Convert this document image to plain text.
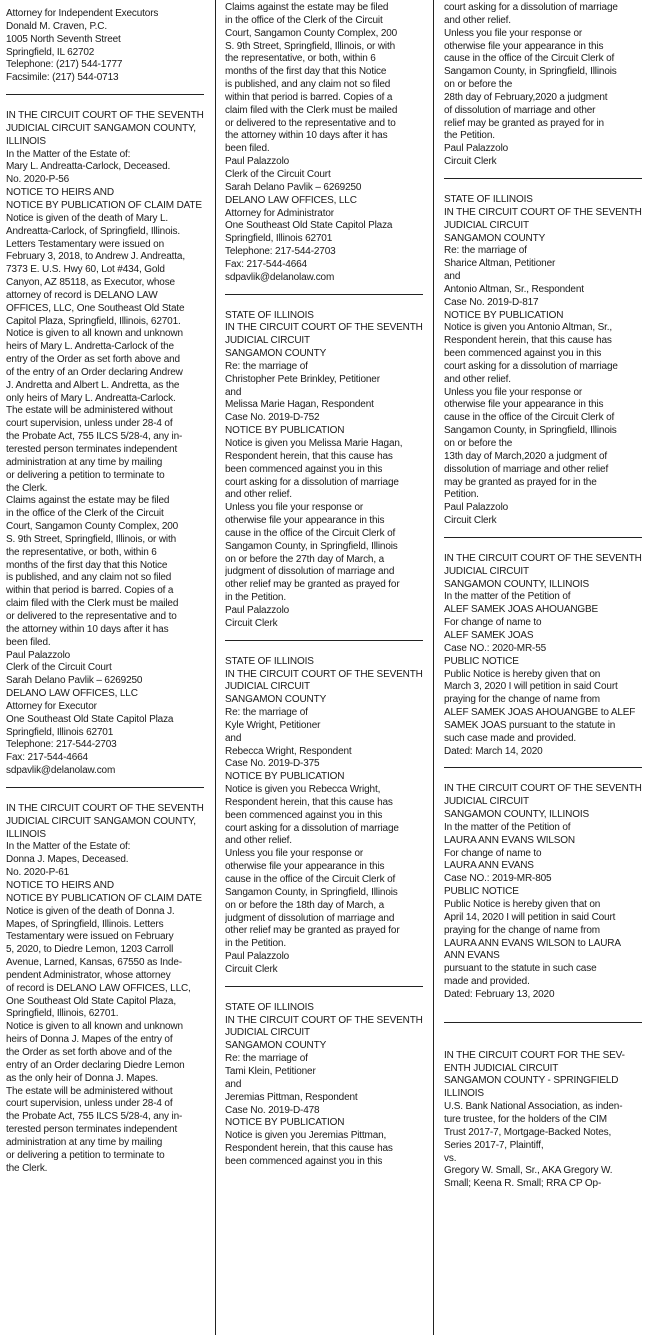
Attorney for Independent Executors
Donald M. Craven, P.C.
1005 North Seventh Street
Springfield, IL 62702
Telephone: (217) 544-1777
Facsimile: (217) 544-0713
IN THE CIRCUIT COURT OF THE SEVENTH
JUDICIAL CIRCUIT SANGAMON COUNTY,
ILLINOIS
In the Matter of the Estate of:
Mary L. Andreatta-Carlock, Deceased.
No. 2020-P-56
NOTICE TO HEIRS AND
NOTICE BY PUBLICATION OF CLAIM DATE
Notice is given of the death of Mary L.
Andreatta-Carlock, of Springfield, Illinois.
Letters Testamentary were issued on
February 3, 2018, to Andrew J. Andreatta,
7373 E. U.S. Hwy 60, Lot #434, Gold
Canyon, AZ 85118, as Executor, whose
attorney of record is DELANO LAW
OFFICES, LLC, One Southeast Old State
Capitol Plaza, Springfield, Illinois, 62701.
Notice is given to all known and unknown
heirs of Mary L. Andretta-Carlock of the
entry of the Order as set forth above and
of the entry of an Order declaring Andrew
J. Andretta and Albert L. Andretta, as the
only heirs of Mary L. Andreatta-Carlock.
The estate will be administered without
court supervision, unless under 28-4 of
the Probate Act, 755 ILCS 5/28-4, any in-
terested person terminates independent
administration at any time by mailing
or delivering a petition to terminate to
the Clerk.
Claims against the estate may be filed
in the office of the Clerk of the Circuit
Court, Sangamon County Complex, 200
S. 9th Street, Springfield, Illinois, or with
the representative, or both, within 6
months of the first day that this Notice
is published, and any claim not so filed
within that period is barred. Copies of a
claim filed with the Clerk must be mailed
or delivered to the representative and to
the attorney within 10 days after it has
been filed.
Paul Palazzolo
Clerk of the Circuit Court
Sarah Delano Pavlik – 6269250
DELANO LAW OFFICES, LLC
Attorney for Executor
One Southeast Old State Capitol Plaza
Springfield, Illinois 62701
Telephone: 217-544-2703
Fax: 217-544-4664
sdpavlik@delanolaw.com
IN THE CIRCUIT COURT OF THE SEVENTH
JUDICIAL CIRCUIT SANGAMON COUNTY,
ILLINOIS
In the Matter of the Estate of:
Donna J. Mapes, Deceased.
No. 2020-P-61
NOTICE TO HEIRS AND
NOTICE BY PUBLICATION OF CLAIM DATE
Notice is given of the death of Donna J.
Mapes, of Springfield, Illinois. Letters
Testamentary were issued on February
5, 2020, to Diedre Lemon, 1203 Carroll
Avenue, Larned, Kansas, 67550 as Inde-
pendent Administrator, whose attorney
of record is DELANO LAW OFFICES, LLC,
One Southeast Old State Capitol Plaza,
Springfield, Illinois, 62701.
Notice is given to all known and unknown
heirs of Donna J. Mapes of the entry of
the Order as set forth above and of the
entry of an Order declaring Diedre Lemon
as the only heir of Donna J. Mapes.
The estate will be administered without
court supervision, unless under 28-4 of
the Probate Act, 755 ILCS 5/28-4, any in-
terested person terminates independent
administration at any time by mailing
or delivering a petition to terminate to
the Clerk.
Claims against the estate may be filed
in the office of the Clerk of the Circuit
Court, Sangamon County Complex, 200
S. 9th Street, Springfield, Illinois, or with
the representative, or both, within 6
months of the first day that this Notice
is published, and any claim not so filed
within that period is barred. Copies of a
claim filed with the Clerk must be mailed
or delivered to the representative and to
the attorney within 10 days after it has
been filed.
Paul Palazzolo
Clerk of the Circuit Court
Sarah Delano Pavlik – 6269250
DELANO LAW OFFICES, LLC
Attorney for Administrator
One Southeast Old State Capitol Plaza
Springfield, Illinois 62701
Telephone: 217-544-2703
Fax: 217-544-4664
sdpavlik@delanolaw.com
STATE OF ILLINOIS
IN THE CIRCUIT COURT OF THE SEVENTH
JUDICIAL CIRCUIT
SANGAMON COUNTY
Re: the marriage of
Christopher Pete Brinkley, Petitioner
and
Melissa Marie Hagan, Respondent
Case No. 2019-D-752
NOTICE BY PUBLICATION
Notice is given you Melissa Marie Hagan,
Respondent herein, that this cause has
been commenced against you in this
court asking for a dissolution of marriage
and other relief.
Unless you file your response or
otherwise file your appearance in this
cause in the office of the Circuit Clerk of
Sangamon County, in Springfield, Illinois
on or before the 27th day of March, a
judgment of dissolution of marriage and
other relief may be granted as prayed for
in the Petition.
Paul Palazzolo
Circuit Clerk
STATE OF ILLINOIS
IN THE CIRCUIT COURT OF THE SEVENTH
JUDICIAL CIRCUIT
SANGAMON COUNTY
Re: the marriage of
Kyle Wright, Petitioner
and
Rebecca Wright, Respondent
Case No. 2019-D-375
NOTICE BY PUBLICATION
Notice is given you Rebecca Wright,
Respondent herein, that this cause has
been commenced against you in this
court asking for a dissolution of marriage
and other relief.
Unless you file your response or
otherwise file your appearance in this
cause in the office of the Circuit Clerk of
Sangamon County, in Springfield, Illinois
on or before the 18th day of March, a
judgment of dissolution of marriage and
other relief may be granted as prayed for
in the Petition.
Paul Palazzolo
Circuit Clerk
STATE OF ILLINOIS
IN THE CIRCUIT COURT OF THE SEVENTH
JUDICIAL CIRCUIT
SANGAMON COUNTY
Re: the marriage of
Tami Klein, Petitioner
and
Jeremias Pittman, Respondent
Case No. 2019-D-478
NOTICE BY PUBLICATION
Notice is given you Jeremias Pittman,
Respondent herein, that this cause has
been commenced against you in this
court asking for a dissolution of marriage
and other relief.
Unless you file your response or
otherwise file your appearance in this
cause in the office of the Circuit Clerk of
Sangamon County, in Springfield, Illinois
on or before the
28th day of February,2020 a judgment
of dissolution of marriage and other
relief may be granted as prayed for in
the Petition.
Paul Palazzolo
Circuit Clerk
STATE OF ILLINOIS
IN THE CIRCUIT COURT OF THE SEVENTH
JUDICIAL CIRCUIT
SANGAMON COUNTY
Re: the marriage of
Sharice Altman, Petitioner
and
Antonio Altman, Sr., Respondent
Case No. 2019-D-817
NOTICE BY PUBLICATION
Notice is given you Antonio Altman, Sr.,
Respondent herein, that this cause has
been commenced against you in this
court asking for a dissolution of marriage
and other relief.
Unless you file your response or
otherwise file your appearance in this
cause in the office of the Circuit Clerk of
Sangamon County, in Springfield, Illinois
on or before the
13th day of March,2020 a judgment of
dissolution of marriage and other relief
may be granted as prayed for in the
Petition.
Paul Palazzolo
Circuit Clerk
IN THE CIRCUIT COURT OF THE SEVENTH
JUDICIAL CIRCUIT
SANGAMON COUNTY, ILLINOIS
In the matter of the Petition of
ALEF SAMEK JOAS AHOUANGBE
For change of name to
ALEF SAMEK JOAS
Case NO.: 2020-MR-55
PUBLIC NOTICE
Public Notice is hereby given that on
March 3, 2020 I will petition in said Court
praying for the change of name from
ALEF SAMEK JOAS AHOUANGBE to ALEF
SAMEK JOAS pursuant to the statute in
such case made and provided.
Dated: March 14, 2020
IN THE CIRCUIT COURT OF THE SEVENTH
JUDICIAL CIRCUIT
SANGAMON COUNTY, ILLINOIS
In the matter of the Petition of
LAURA ANN EVANS WILSON
For change of name to
LAURA ANN EVANS
Case NO.: 2019-MR-805
PUBLIC NOTICE
Public Notice is hereby given that on
April 14, 2020 I will petition in said Court
praying for the change of name from
LAURA ANN EVANS WILSON to LAURA
ANN EVANS
pursuant to the statute in such case
made and provided.
Dated: February 13, 2020
IN THE CIRCUIT COURT FOR THE SEV-
ENTH JUDICIAL CIRCUIT
SANGAMON COUNTY - SPRINGFIELD
ILLINOIS
U.S. Bank National Association, as inden-
ture trustee, for the holders of the CIM
Trust 2017-7, Mortgage-Backed Notes,
Series 2017-7, Plaintiff,
vs.
Gregory W. Small, Sr., AKA Gregory W.
Small; Keena R. Small; RRA CP Op-
